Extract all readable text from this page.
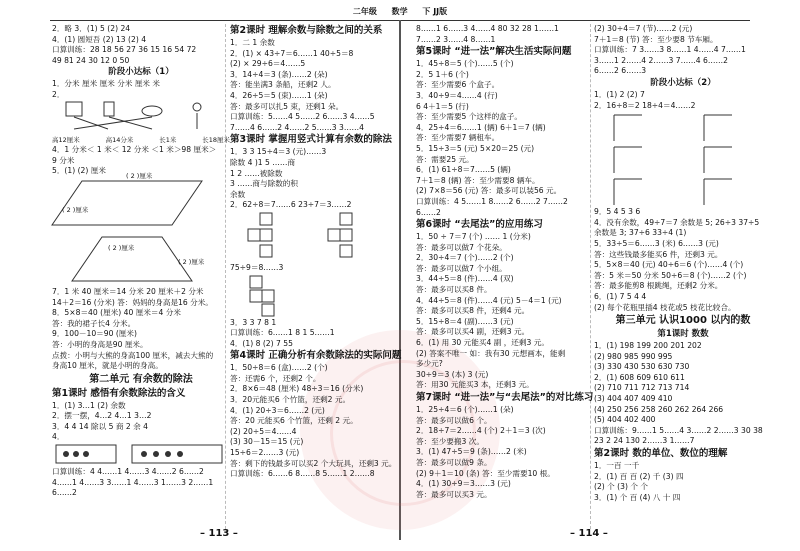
二年级 数学 下 JJ版
2．略 3．(1) 5 (2) 24
4．(1) 圆短吾 (2) 13 (2) 4
口算训练：28 18 56 27 36 15 16 54 72
49 81 24 30 12 0 50
阶段小达标（1）
1．分米 厘米 厘米 分米 厘米 米
2．
高12厘米	高14分米	长1米	长18厘米
4．1 分米＜ 1 米＜ 12 分米 ＜1 米＞98 厘米＞
9 分米
5．(1) (2) 厘米
( 2 )厘米
( 2 )厘米
( 2 )厘米
( 2 )厘米
7．1 米 40 厘米＝14 分米 20 厘米＋2 分米
14＋2＝16 (分米) 答：妈妈的身高是16 分米。
8．5×8＝40 (厘米) 40 厘米＝4 分米
答：我的裙子长4 分米。
9．100－10＝90 (厘米)
答：小明的身高是90 厘米。
点拨：小明与大熊的身高100 厘米，减去大熊的
身高10 厘米，就是小明的身高。
第二单元 有余数的除法
第1课时 感悟有余数除法的含义
1．(1) 3…1 (2) 余数
2．摆一摆，4…2 4…1 3…2
3．4 4 14 除以 5 商 2 余 4
4．
口算训练：4 4……1 4……3 4……2 6……2
4……1 4……3 3……1 4……3 1……3 2……1
6……2
第2课时 理解余数与除数之间的关系
1．二 1 余数
2．(1) × 43÷7＝6……1 40÷5＝8
(2) × 29÷6＝4……5
3．14÷4＝3 (条)……2 (朵)
答：能坐满3 条船，还剩2 人。
4．26÷5＝5 (束)……1 (朵)
答：最多可以扎5 束，还剩1 朵。
口算训练：5……4 5……2 6……3 4……5
7……4 6……2 4……2 5……3 3……4
第3课时 掌握用竖式计算有余数的除法
1．3 3 15÷4＝3 (元)……3
除数 4 )1 5 ……商
1 2 ……被除数
3 ……商与除数的积
余数
2．62÷8＝7……6 23÷7＝3……2
75÷9＝8……3
3．3 3 7 8 1
口算训练：6……1 8 1 5……1
4．(1) 8 (2) 7 55
第4课时 正确分析有余数除法的实际问题
1．50÷8＝6 (盒)……2 (个)
答：还需6 个，还剩2 个。
2．8×6＝48 (厘米) 48÷3＝16 (分米)
3．20元能买6 个竹篮，还剩2 元。
4．(1) 20÷3＝6……2 (元)
答：20 元能买6 个竹篮，还剩 2 元。
(2) 20÷5＝4……4
(3) 30－15＝15 (元)
15÷6＝2……3 (元)
答：剩下的钱最多可以买2 个大玩具，还剩3 元。
口算训练：6……6 8……8 5……1 2……8
8……1 6……3 4……4 80 32 28 1……1
7……2 3……4 8……1
第5课时 “进一法”解决生活实际问题
1．45÷8＝5 (个)……5 (个)
2．5 1＋6 (个)
答：至少需要6 个盒子。
3．40÷9＝4……4 (行)
6 4＋1＝5 (行)
答：至少需要5 个这样的盒子。
4．25÷4＝6……1 (辆) 6＋1＝7 (辆)
答：至少需要7 辆租车。
5．15÷3＝5 (元) 5×20＝25 (元)
答：需要25 元。
6．(1) 61÷8＝7……5 (辆)
7＋1＝8 (辆) 答：至少需要8 辆车。
(2) 7×8＝56 (元) 答：最多可以装56 元。
口算训练：4 5……1 8……2 6……2 7……2
6……2
第6课时 “去尾法”的应用练习
1．50 ÷ 7＝7 (个) …… 1 (分米)
答：最多可以做7 个花朵。
2．30÷4＝7 (个)……2 (个)
答：最多可以做7 个小组。
3．44÷5＝8 (件)……4 (双)
答：最多可以买8 件。
4．44÷5＝8 (件)……4 (元) 5－4＝1 (元)
答：最多可以买8 件，还剩4 元。
5．15÷8＝4 (副)……3 (元)
答：最多可以买4 副，还剩3 元。
6．(1) 用 30 元能买4 副 ，还剩3 元。
(2) 答案不唯一 如：我有30 元想画本，能剩
多少元?
30÷9＝3 (本) 3 (元)
答：用30 元能买3 本，还剩3 元。
第7课时 “进一法”与“去尾法”的对比练习
1．25÷4＝6 (个)……1 (朵)
答：最多可以做6 个。
2．18÷7＝2……4 (个) 2＋1＝3 (次)
答：至少要搬3 次。
3．(1) 47÷5＝9 (条)……2 (米)
答：最多可以做9 条。
(2) 9＋1＝10 (条) 答：至少需要10 根。
4．(1) 30÷9＝3……3 (元)
答：最多可以买3 元。
(2) 30÷4＝7 (节)……2 (元)
7＋1＝8 (节) 答：至少要8 节车厢。
口算训练：7 3……3 8……1 4……4 7……1
3……1 2……4 2……3 7……4 6……2
6……2 6……3
阶段小达标（2）
1．(1) 2 (2) 7
2．16÷8＝2 18÷4＝4……2
9．5 4 5 3 6
4．没有余数，49÷7＝7 余数是 5; 26÷3 37÷5
余数是 3; 37÷6 33÷4 (1)
5．33÷5＝6……3 (米) 6……3 (元)
答：这些钱最多能买6 件，还剩3 元。
5．5×8＝40 (元) 40÷6＝6 (个)……4 (个)
答：5 米＝50 分米 50÷6＝8 (个)……2 (个)
答：最多能剪8 根跳绳，还剩2 分米。
6．(1) 7 5 4 4
(2) 每个花瓶里插4 枝花或5 枝花比较合。
第三单元 认识1000 以内的数
第1课时 数数
1．(1) 198 199 200 201 202
(2) 980 985 990 995
(3) 330 430 530 630 730
2．(1) 608 609 610 611
(2) 710 711 712 713 714
(3) 404 407 409 410
(4) 250 256 258 260 262 264 266
(5) 404 402 400
口算训练：9……1 5……4 3……2 2……3 30 38
23 2 24 130 2……3 1……7
第2课时 数的单位、数位的理解
1．一百 一千
2．(1) 百 百 (2) 千 (3) 四
(2) 个 (3) 个 个
3．(1) 个 百 (4) 八 十 四
– 113 –	– 114 –
